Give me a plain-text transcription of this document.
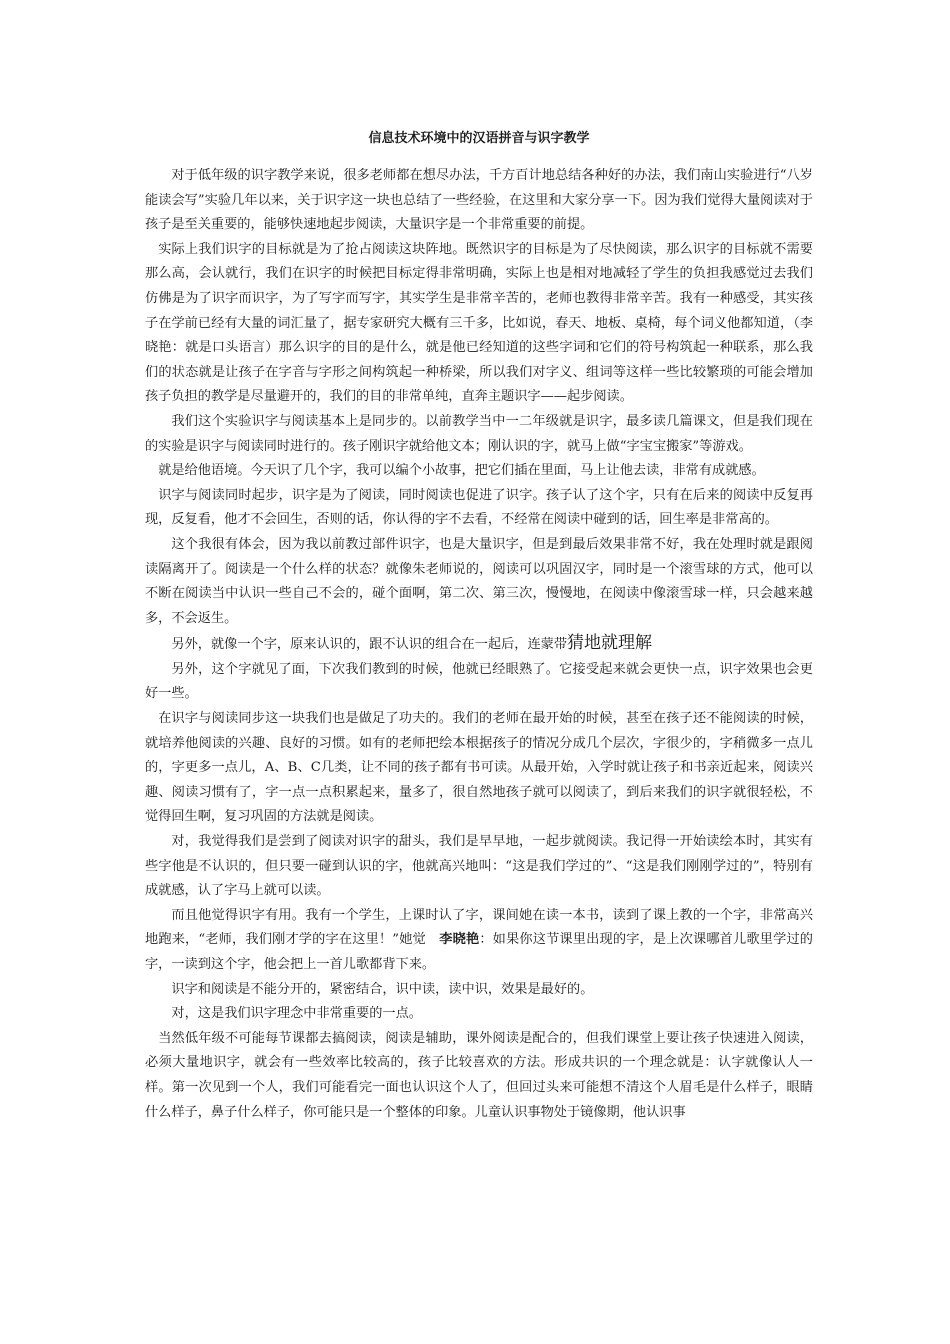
信息技术环境中的汉语拼音与识字教学

对于低年级的识字教学来说，很多老师都在想尽办法，千方百计地总结各种好的办法，我们南山实验进行“八岁能读会写”实验几年以来，关于识字这一块也总结了一些经验，在这里和大家分享一下。因为我们觉得大量阅读对于孩子是至关重要的，能够快速地起步阅读，大量识字是一个非常重要的前提。

实际上我们识字的目标就是为了抢占阅读这块阵地。既然识字的目标是为了尽快阅读，那么识字的目标就不需要那么高，会认就行，我们在识字的时候把目标定得非常明确，实际上也是相对地减轻了学生的负担我感觉过去我们仿佛是为了识字而识字，为了写字而写字，其实学生是非常辛苦的，老师也教得非常辛苦。我有一种感受，其实孩子在学前已经有大量的词汇量了，据专家研究大概有三千多，比如说，春天、地板、桌椅，每个词义他都知道，（李晓艳：就是口头语言）那么识字的目的是什么，就是他已经知道的这些字词和它们的符号构筑起一种联系，那么我们的状态就是让孩子在字音与字形之间构筑起一种桥梁，所以我们对字义、组词等这样一些比较繁琐的可能会增加孩子负担的教学是尽量避开的，我们的目的非常单纯，直奔主题识字——起步阅读。

我们这个实验识字与阅读基本上是同步的。以前教学当中一二年级就是识字，最多读几篇课文，但是我们现在的实验是识字与阅读同时进行的。孩子刚识字就给他文本；刚认识的字，就马上做“字宝宝搬家”等游戏。

就是给他语境。今天识了几个字，我可以编个小故事，把它们插在里面，马上让他去读，非常有成就感。

识字与阅读同时起步，识字是为了阅读，同时阅读也促进了识字。孩子认了这个字，只有在后来的阅读中反复再现，反复看，他才不会回生，否则的话，你认得的字不去看，不经常在阅读中碰到的话，回生率是非常高的。

这个我很有体会，因为我以前教过部件识字，也是大量识字，但是到最后效果非常不好，我在处理时就是跟阅读隔离开了。阅读是一个什么样的状态？就像朱老师说的，阅读可以巩固汉字，同时是一个滚雪球的方式，他可以不断在阅读当中认识一些自己不会的，碰个面啊，第二次、第三次，慢慢地，在阅读中像滚雪球一样，只会越来越多，不会返生。

另外，就像一个字，原来认识的，跟不认识的组合在一起后，连蒙带猜地就理解

另外，这个字就见了面，下次我们教到的时候，他就已经眼熟了。它接受起来就会更快一点，识字效果也会更好一些。

在识字与阅读同步这一块我们也是做足了功夫的。我们的老师在最开始的时候，甚至在孩子还不能阅读的时候，就培养他阅读的兴趣、良好的习惯。如有的老师把绘本根据孩子的情况分成几个层次，字很少的，字稍微多一点儿的，字更多一点儿，A、B、C几类，让不同的孩子都有书可读。从最开始，入学时就让孩子和书亲近起来，阅读兴趣、阅读习惯有了，字一点一点积累起来，量多了，很自然地孩子就可以阅读了，到后来我们的识字就很轻松，不觉得回生啊，复习巩固的方法就是阅读。

对，我觉得我们是尝到了阅读对识字的甜头，我们是早早地，一起步就阅读。我记得一开始读绘本时，其实有些字他是不认识的，但只要一碰到认识的字，他就高兴地叫：“这是我们学过的”、“这是我们刚刚学过的”，特别有成就感，认了字马上就可以读。

而且他觉得识字有用。我有一个学生，上课时认了字，课间她在读一本书，读到了课上教的一个字，非常高兴地跑来，“老师，我们刚才学的字在这里！”她觉　李晓艳：如果你这节课里出现的字，是上次课哪首儿歌里学过的字，一读到这个字，他会把上一首儿歌都背下来。

识字和阅读是不能分开的，紧密结合，识中读，读中识，效果是最好的。

对，这是我们识字理念中非常重要的一点。

当然低年级不可能每节课都去搞阅读，阅读是辅助，课外阅读是配合的，但我们课堂上要让孩子快速进入阅读，必须大量地识字，就会有一些效率比较高的，孩子比较喜欢的方法。形成共识的一个理念就是：认字就像认人一样。第一次见到一个人，我们可能看完一面也认识这个人了，但回过头来可能想不清这个人眉毛是什么样子，眼睛什么样子，鼻子什么样子，你可能只是一个整体的印象。儿童认识事物处于镜像期，他认识事
